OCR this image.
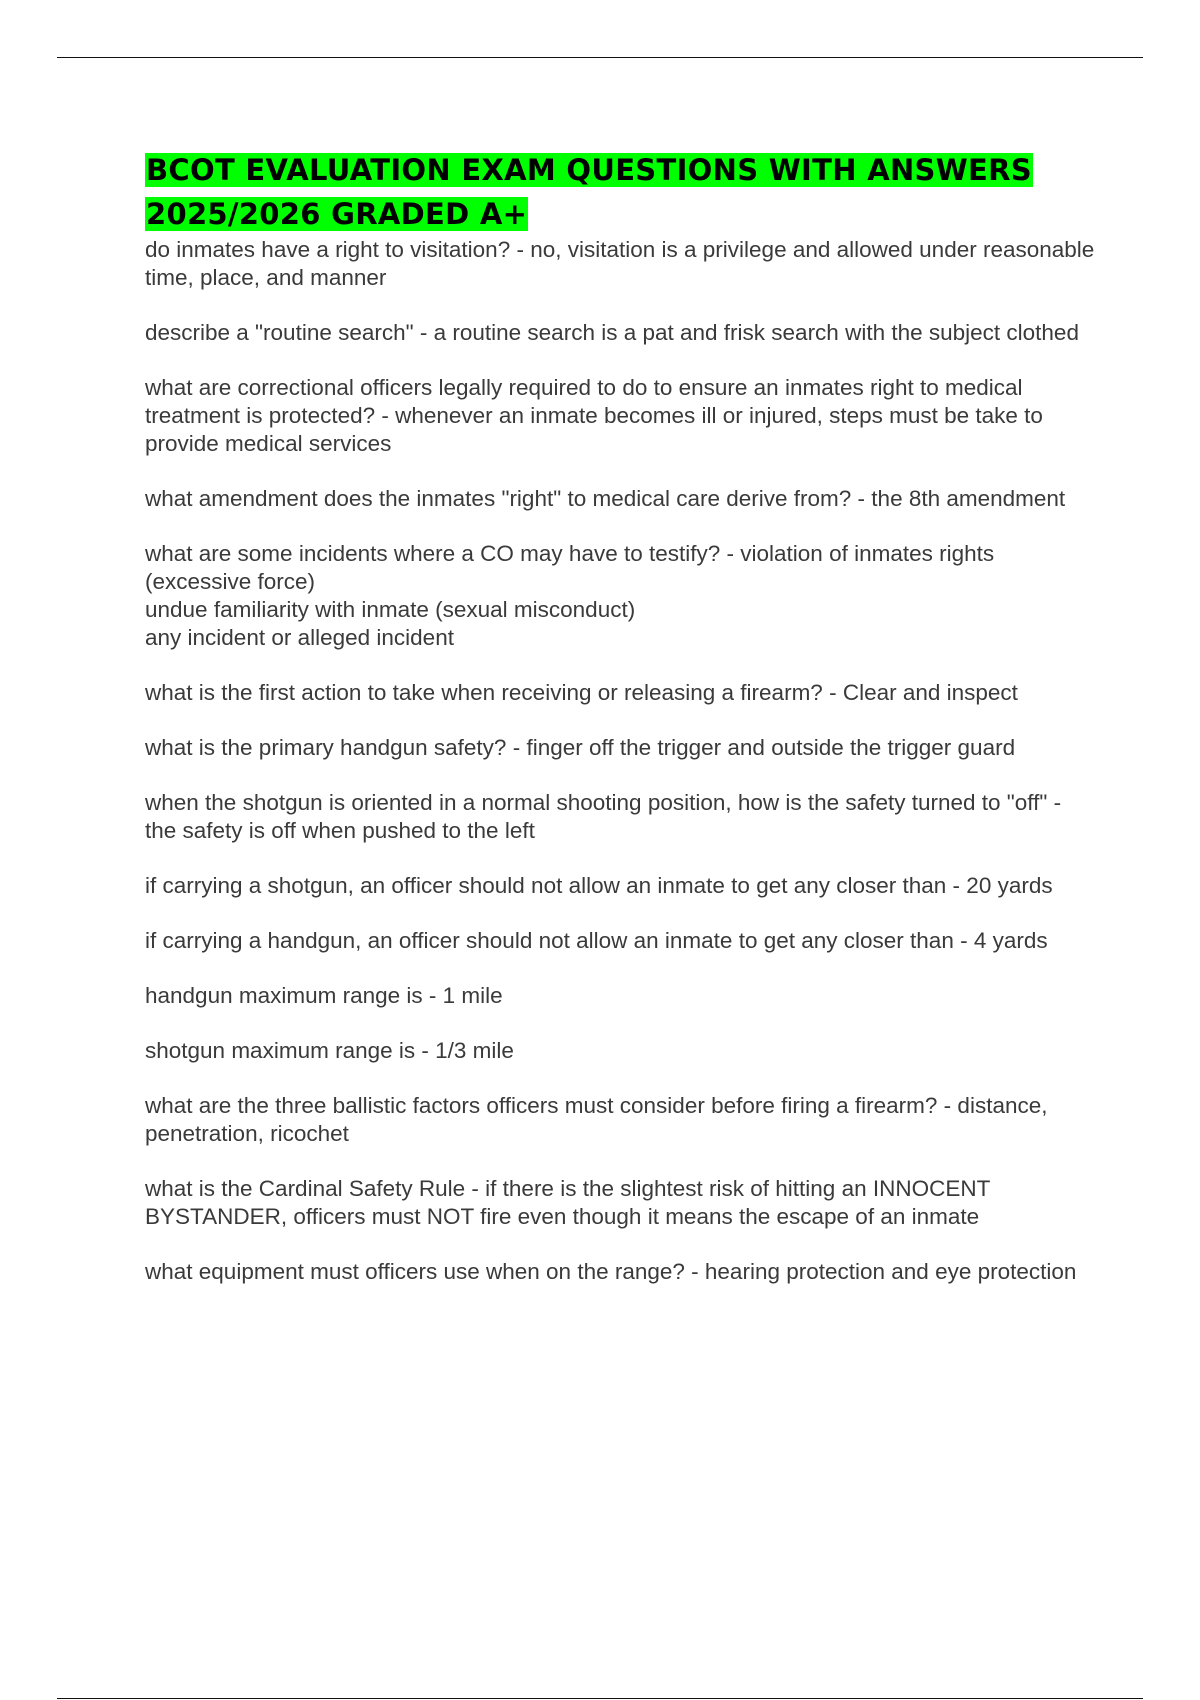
BCOT EVALUATION EXAM QUESTIONS WITH ANSWERS 2025/2026 GRADED A+

do inmates have a right to visitation? - no, visitation is a privilege and allowed under reasonable time, place, and manner

describe a "routine search" - a routine search is a pat and frisk search with the subject clothed

what are correctional officers legally required to do to ensure an inmates right to medical treatment is protected? - whenever an inmate becomes ill or injured, steps must be take to provide medical services

what amendment does the inmates "right" to medical care derive from? - the 8th amendment

what are some incidents where a CO may have to testify? - violation of inmates rights (excessive force)
undue familiarity with inmate (sexual misconduct)
any incident or alleged incident

what is the first action to take when receiving or releasing a firearm? - Clear and inspect

what is the primary handgun safety? - finger off the trigger and outside the trigger guard

when the shotgun is oriented in a normal shooting position, how is the safety turned to "off" - the safety is off when pushed to the left

if carrying a shotgun, an officer should not allow an inmate to get any closer than - 20 yards

if carrying a handgun, an officer should not allow an inmate to get any closer than - 4 yards

handgun maximum range is - 1 mile

shotgun maximum range is - 1/3 mile

what are the three ballistic factors officers must consider before firing a firearm? - distance, penetration, ricochet

what is the Cardinal Safety Rule - if there is the slightest risk of hitting an INNOCENT BYSTANDER, officers must NOT fire even though it means the escape of an inmate

what equipment must officers use when on the range? - hearing protection and eye protection
